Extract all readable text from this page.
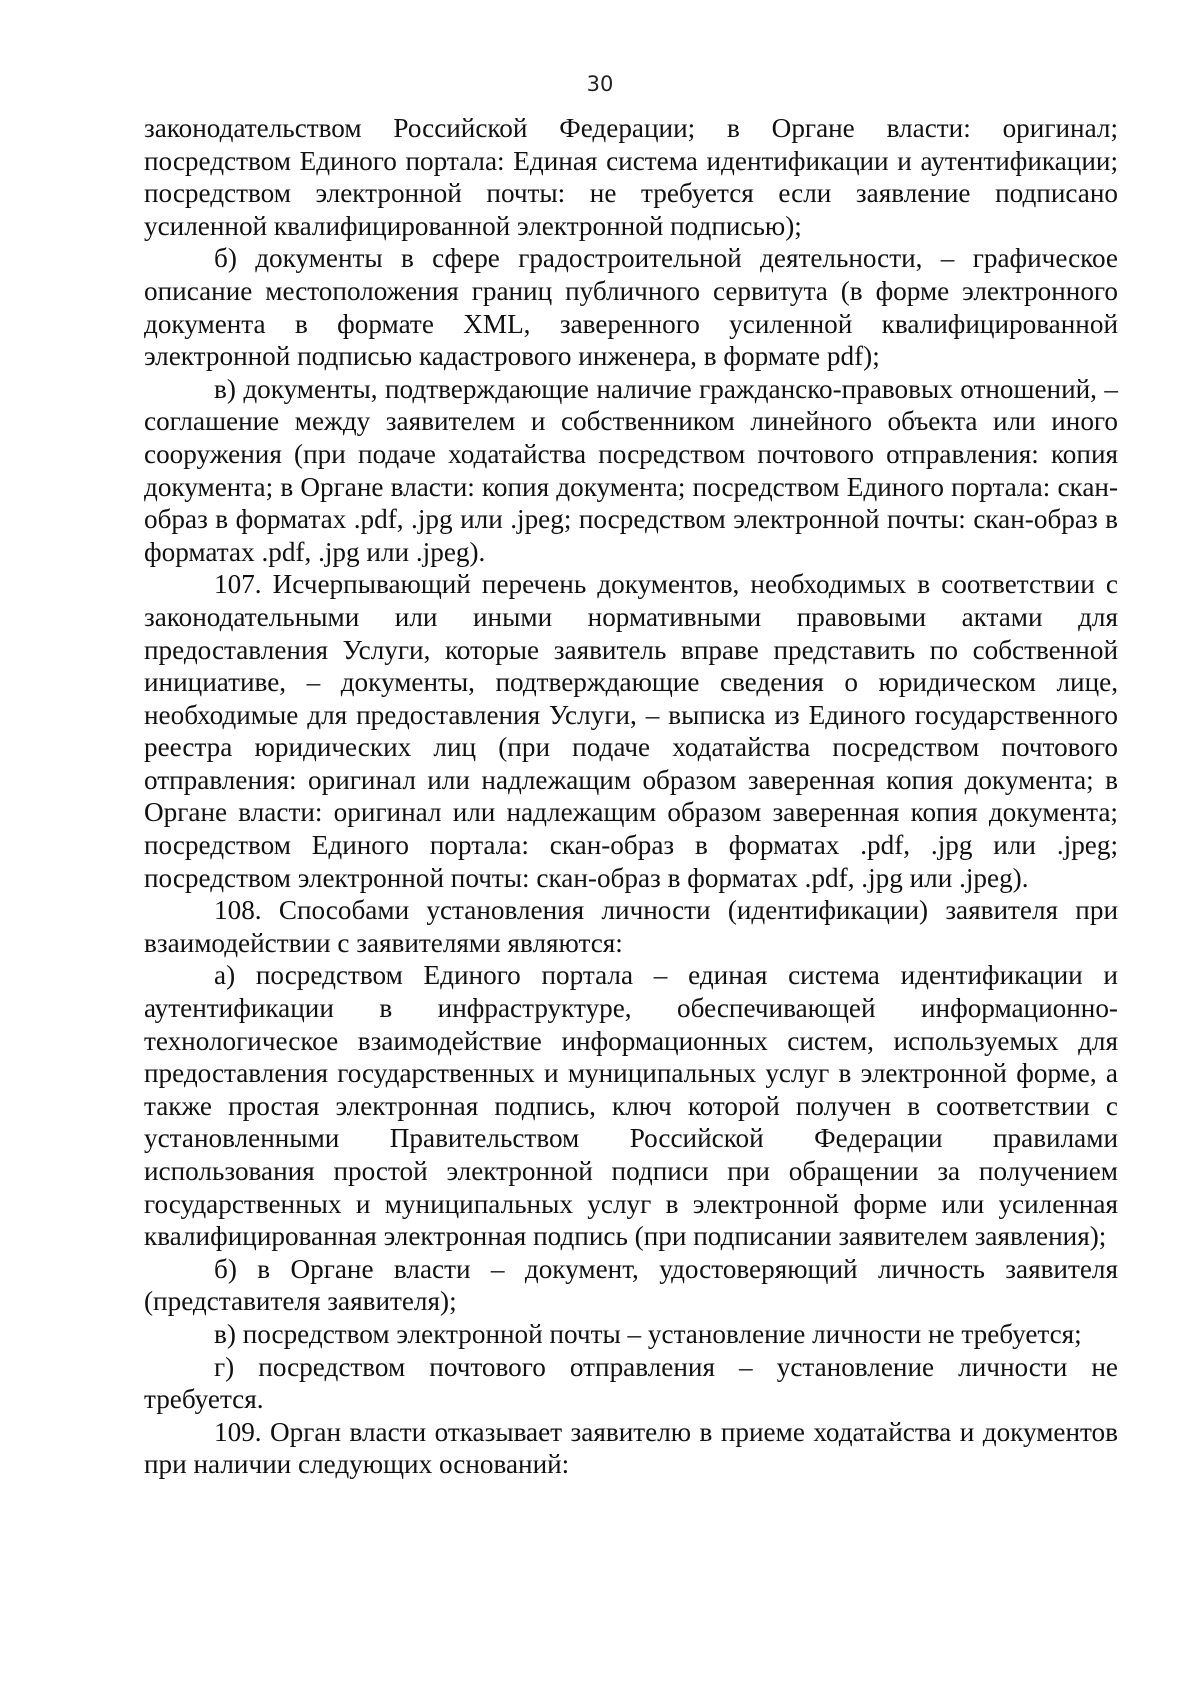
30

законодательством Российской Федерации; в Органе власти: оригинал; посредством Единого портала: Единая система идентификации и аутентификации; посредством электронной почты: не требуется если заявление подписано усиленной квалифицированной электронной подписью);

б) документы в сфере градостроительной деятельности, – графическое описание местоположения границ публичного сервитута (в форме электронного документа в формате XML, заверенного усиленной квалифицированной электронной подписью кадастрового инженера, в формате pdf);

в) документы, подтверждающие наличие гражданско-правовых отношений, – соглашение между заявителем и собственником линейного объекта или иного сооружения (при подаче ходатайства посредством почтового отправления: копия документа; в Органе власти: копия документа; посредством Единого портала: скан-образ в форматах .pdf, .jpg или .jpeg; посредством электронной почты: скан-образ в форматах .pdf, .jpg или .jpeg).

107. Исчерпывающий перечень документов, необходимых в соответствии с законодательными или иными нормативными правовыми актами для предоставления Услуги, которые заявитель вправе представить по собственной инициативе, – документы, подтверждающие сведения о юридическом лице, необходимые для предоставления Услуги, – выписка из Единого государственного реестра юридических лиц (при подаче ходатайства посредством почтового отправления: оригинал или надлежащим образом заверенная копия документа; в Органе власти: оригинал или надлежащим образом заверенная копия документа; посредством Единого портала: скан-образ в форматах .pdf, .jpg или .jpeg; посредством электронной почты: скан-образ в форматах .pdf, .jpg или .jpeg).

108. Способами установления личности (идентификации) заявителя при взаимодействии с заявителями являются:

а) посредством Единого портала – единая система идентификации и аутентификации в инфраструктуре, обеспечивающей информационно-технологическое взаимодействие информационных систем, используемых для предоставления государственных и муниципальных услуг в электронной форме, а также простая электронная подпись, ключ которой получен в соответствии с установленными Правительством Российской Федерации правилами использования простой электронной подписи при обращении за получением государственных и муниципальных услуг в электронной форме или усиленная квалифицированная электронная подпись (при подписании заявителем заявления);

б) в Органе власти – документ, удостоверяющий личность заявителя (представителя заявителя);

в) посредством электронной почты – установление личности не требуется;

г) посредством почтового отправления – установление личности не требуется.

109. Орган власти отказывает заявителю в приеме ходатайства и документов при наличии следующих оснований:
